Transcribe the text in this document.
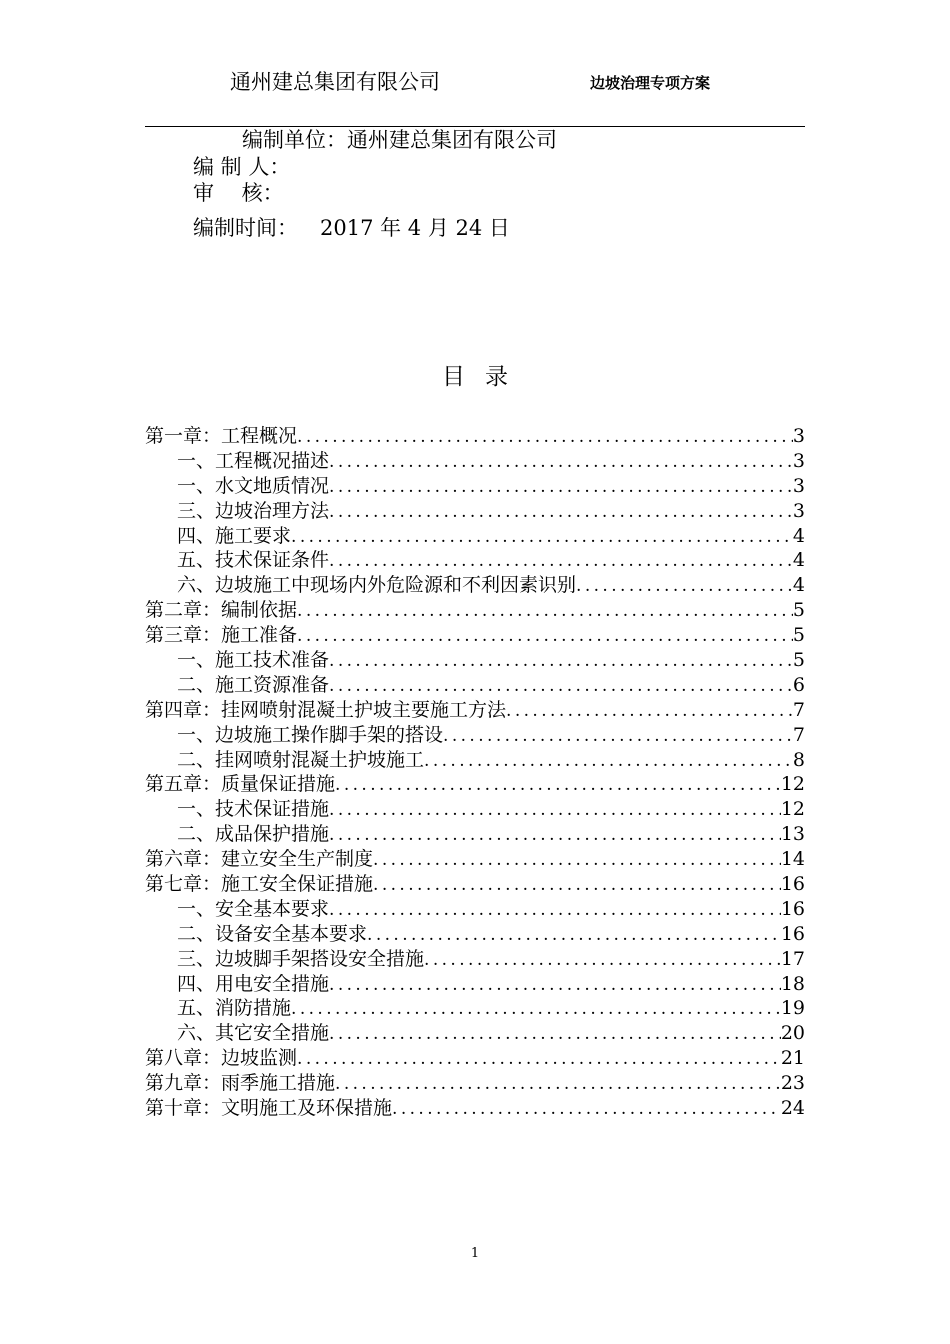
通州建总集团有限公司	边坡治理专项方案
编制单位：通州建总集团有限公司
编 制 人：
审　 核：
编制时间： 2017 年 4 月 24 日
目录
第一章：工程概况 .....	3
一、工程概况描述 .....	3
一、水文地质情况 .....	3
三、边坡治理方法 .....	3
四、施工要求 .....	4
五、技术保证条件 .....	4
六、边坡施工中现场内外危险源和不利因素识别 .....	4
第二章：编制依据 .....	5
第三章：施工准备 .....	5
一、施工技术准备 .....	5
二、施工资源准备 .....	6
第四章：挂网喷射混凝土护坡主要施工方法 .....	7
一、边坡施工操作脚手架的搭设 .....	7
二、挂网喷射混凝土护坡施工 .....	8
第五章：质量保证措施 .....	12
一、技术保证措施 .....	12
二、成品保护措施 .....	13
第六章：建立安全生产制度 .....	14
第七章：施工安全保证措施 .....	16
一、安全基本要求 .....	16
二、设备安全基本要求 .....	16
三、边坡脚手架搭设安全措施 .....	17
四、用电安全措施 .....	18
五、消防措施 .....	19
六、其它安全措施 .....	20
第八章：边坡监测 .....	21
第九章：雨季施工措施 .....	23
第十章：文明施工及环保措施 .....	24
1
